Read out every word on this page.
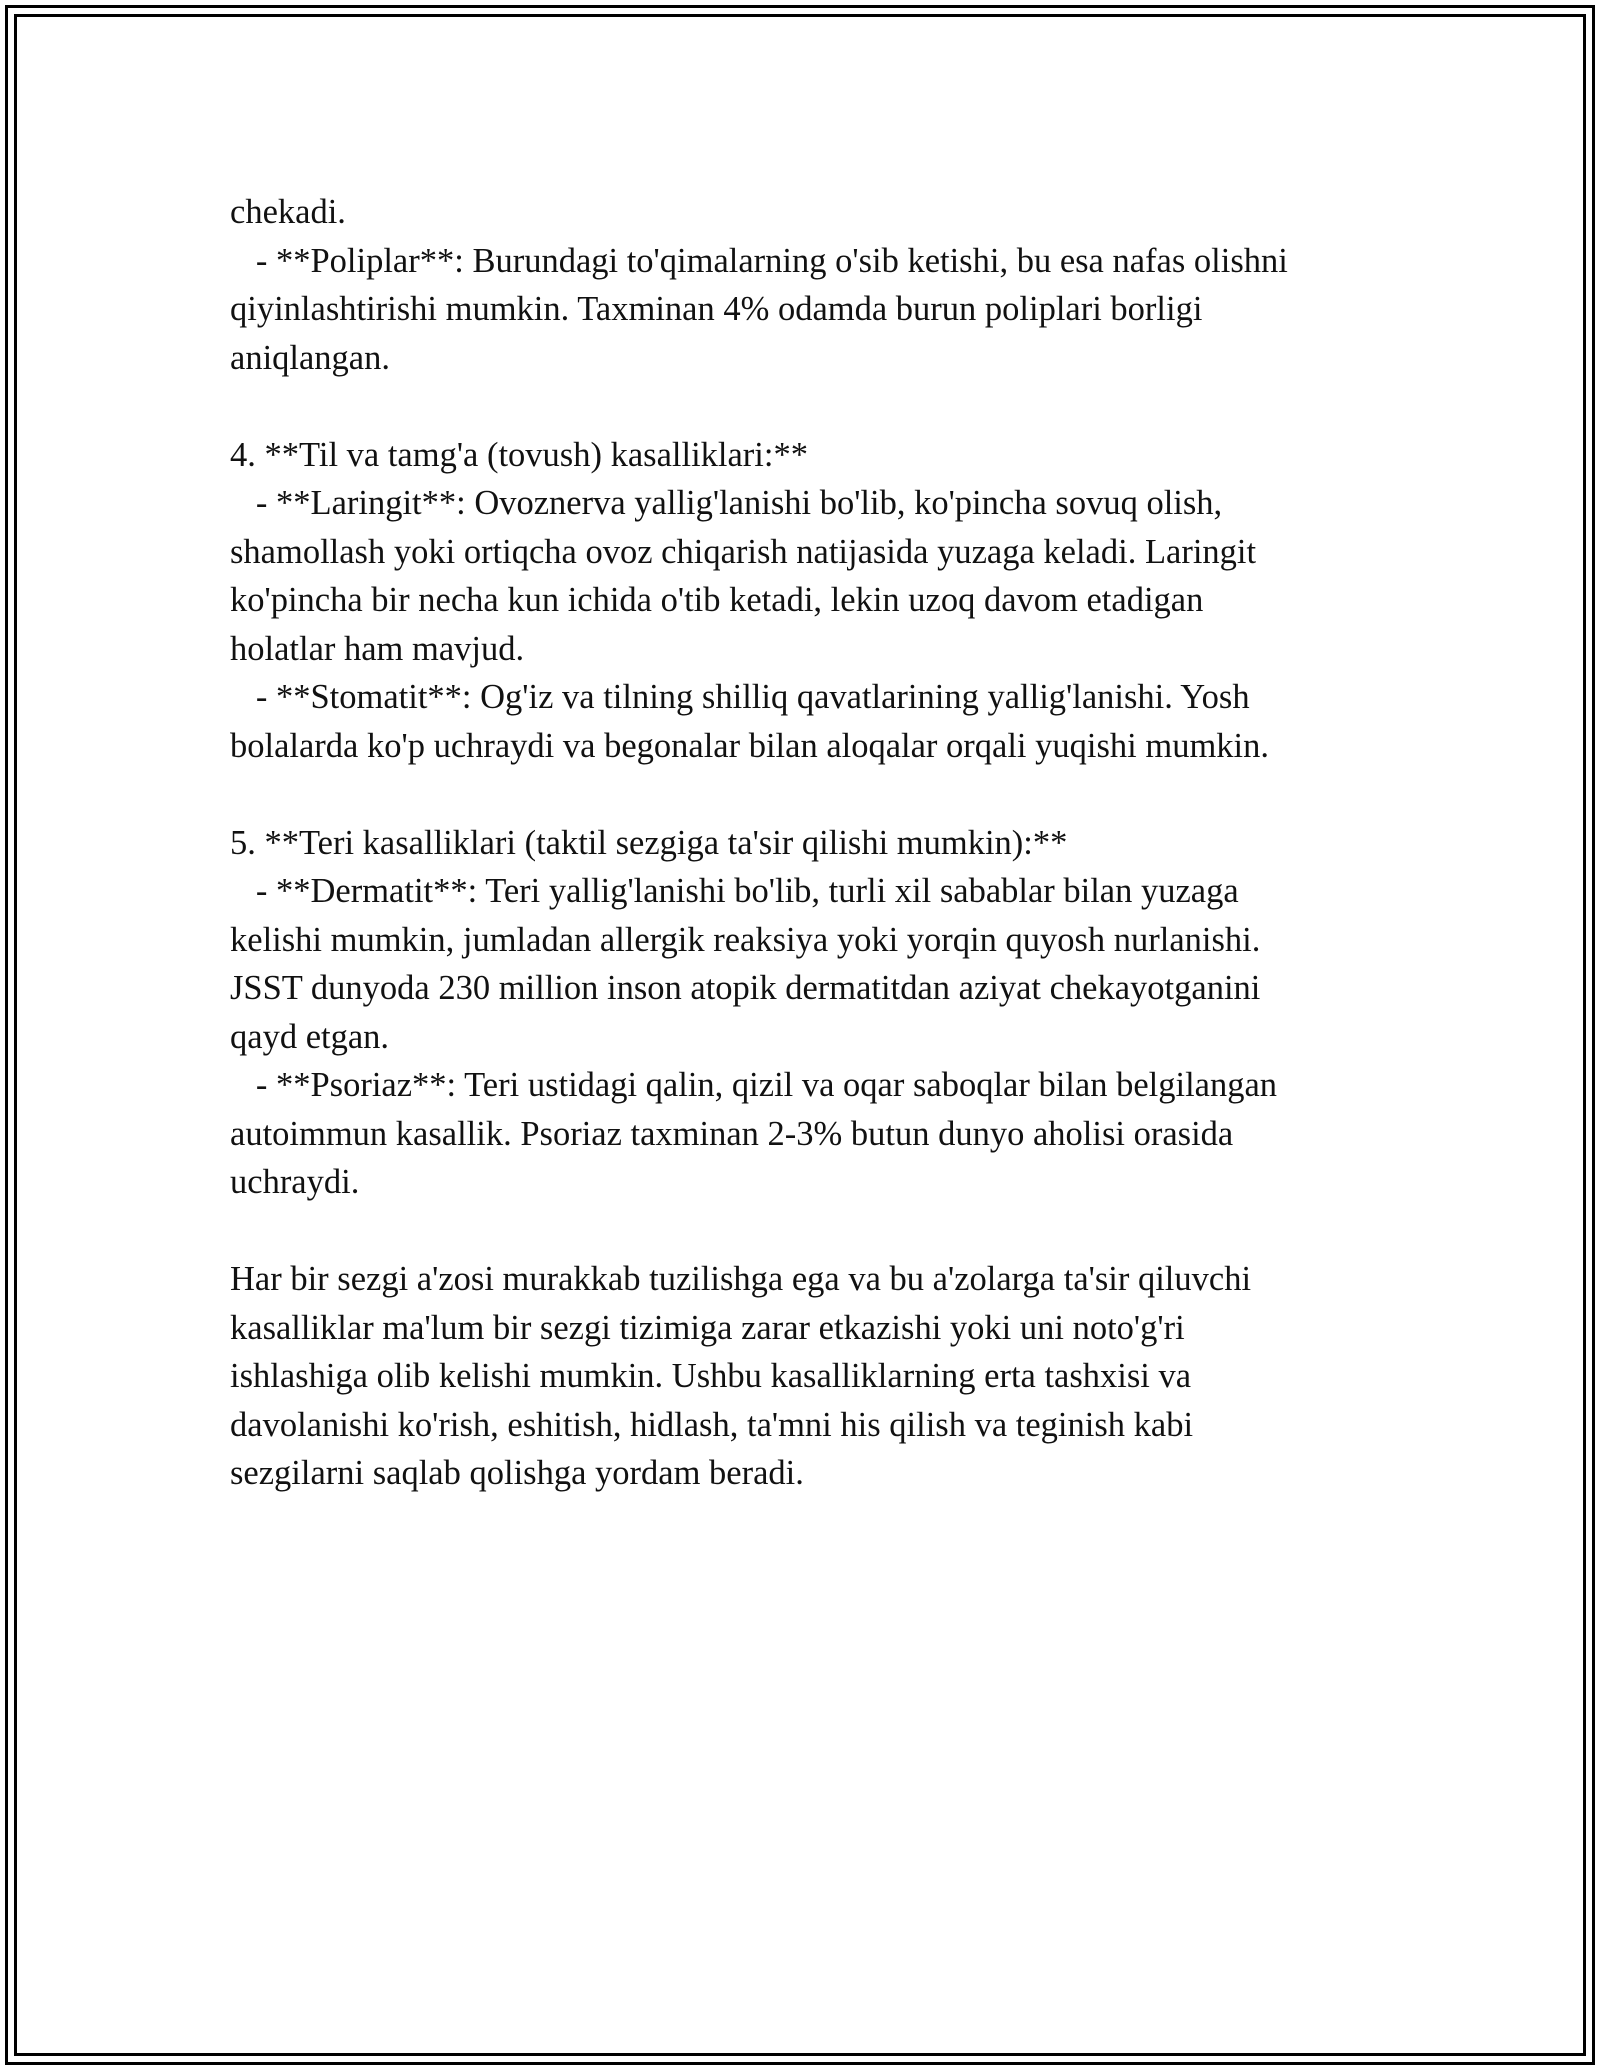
chekadi.
- **Poliplar**: Burundagi to'qimalarning o'sib ketishi, bu esa nafas olishni
qiyinlashtirishi mumkin. Taxminan 4% odamda burun poliplari borligi
aniqlangan.
4. **Til va tamg'a (tovush) kasalliklari:**
- **Laringit**: Ovoznerva yallig'lanishi bo'lib, ko'pincha sovuq olish,
shamollash yoki ortiqcha ovoz chiqarish natijasida yuzaga keladi. Laringit
ko'pincha bir necha kun ichida o'tib ketadi, lekin uzoq davom etadigan
holatlar ham mavjud.
- **Stomatit**: Og'iz va tilning shilliq qavatlarining yallig'lanishi. Yosh
bolalarda ko'p uchraydi va begonalar bilan aloqalar orqali yuqishi mumkin.
5. **Teri kasalliklari (taktil sezgiga ta'sir qilishi mumkin):**
- **Dermatit**: Teri yallig'lanishi bo'lib, turli xil sabablar bilan yuzaga
kelishi mumkin, jumladan allergik reaksiya yoki yorqin quyosh nurlanishi.
JSST dunyoda 230 million inson atopik dermatitdan aziyat chekayotganini
qayd etgan.
- **Psoriaz**: Teri ustidagi qalin, qizil va oqar saboqlar bilan belgilangan
autoimmun kasallik. Psoriaz taxminan 2-3% butun dunyo aholisi orasida
uchraydi.
Har bir sezgi a'zosi murakkab tuzilishga ega va bu a'zolarga ta'sir qiluvchi
kasalliklar ma'lum bir sezgi tizimiga zarar etkazishi yoki uni noto'g'ri
ishlashiga olib kelishi mumkin. Ushbu kasalliklarning erta tashxisi va
davolanishi ko'rish, eshitish, hidlash, ta'mni his qilish va teginish kabi
sezgilarni saqlab qolishga yordam beradi.
